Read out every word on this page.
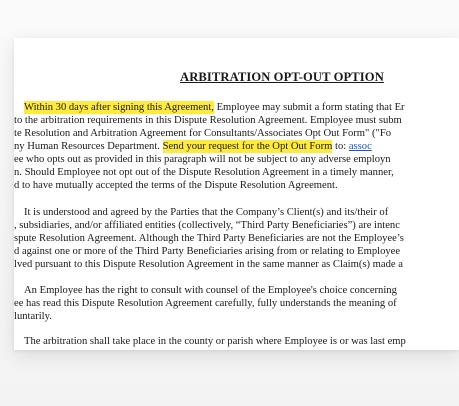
ARBITRATION OPT-OUT OPTION
Within 30 days after signing this Agreement, Employee may submit a form stating that Er
to the arbitration requirements in this Dispute Resolution Agreement. Employee must subm
te Resolution and Arbitration Agreement for Consultants/Associates Opt Out Form" ("Fo
ny Human Resources Department. Send your request for the Opt Out Form to: assoc
ee who opts out as provided in this paragraph will not be subject to any adverse employn
n. Should Employee not opt out of the Dispute Resolution Agreement in a timely manner,
d to have mutually accepted the terms of the Dispute Resolution Agreement.
It is understood and agreed by the Parties that the Company’s Client(s) and its/their of
, subsidiaries, and/or affiliated entities (collectively, “Third Party Beneficiaries”) are intenc
spute Resolution Agreement. Although the Third Party Beneficiaries are not the Employee’s
d against one or more of the Third Party Beneficiaries arising from or relating to Employee
lved pursuant to this Dispute Resolution Agreement in the same manner as Claim(s) made a
An Employee has the right to consult with counsel of the Employee's choice concerning
ee has read this Dispute Resolution Agreement carefully, fully understands the meaning of
luntarily.
The arbitration shall take place in the county or parish where Employee is or was last emp
